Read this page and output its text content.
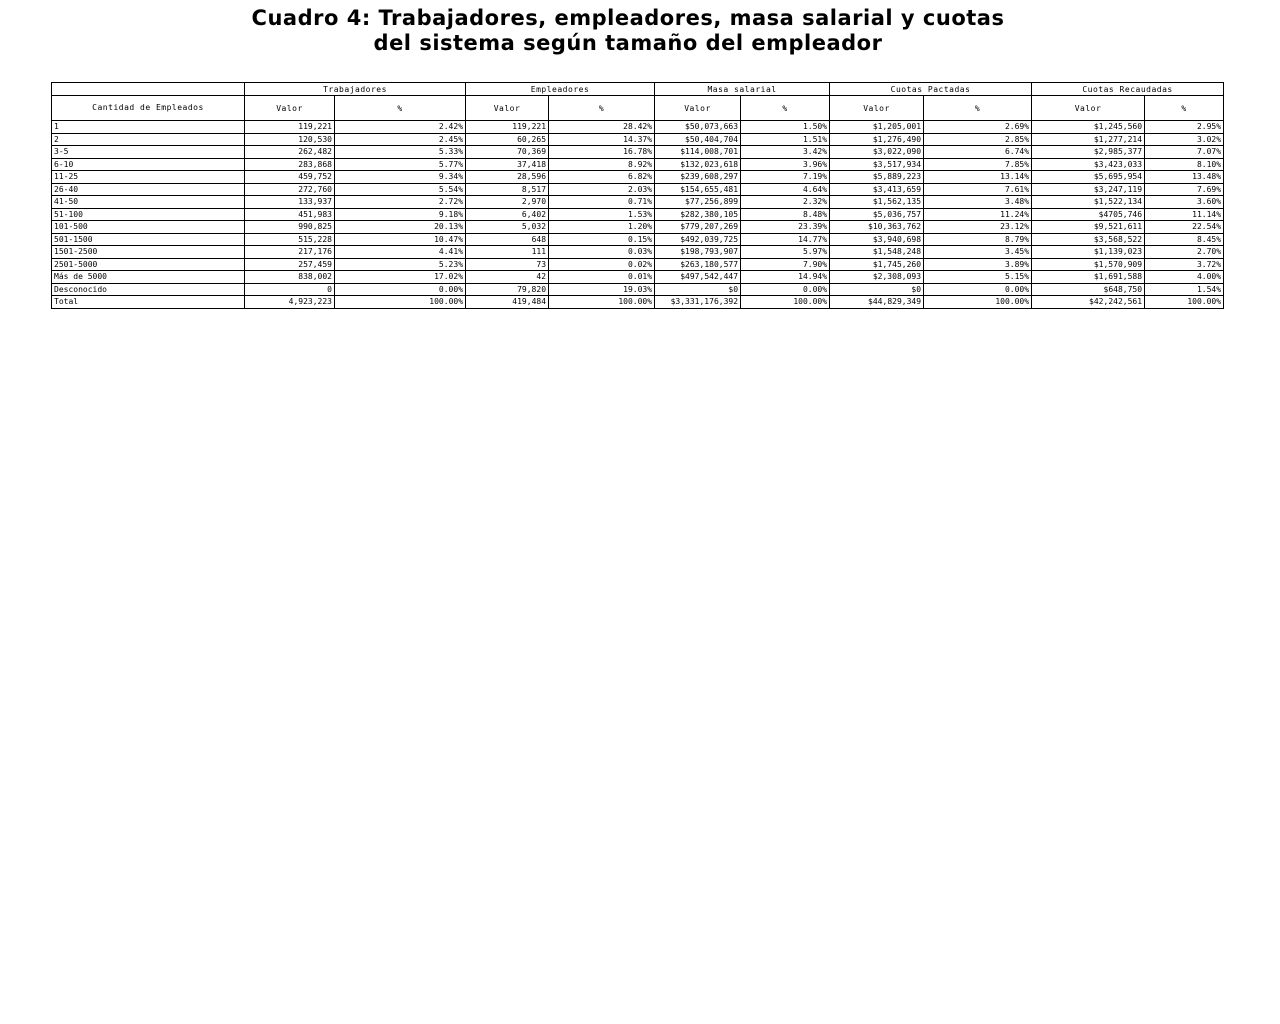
Cuadro 4: Trabajadores, empleadores, masa salarial y cuotas
del sistema según tamaño del empleador
	Trabajadores		Empleadores		Masa salarial		Cuotas Pactadas		Cuotas Recaudadas	
Cantidad de Empleados	Valor	%	Valor	%	Valor	%	Valor	%	Valor	%
1	119,221	2.42%	119,221	28.42%	$50,073,663	1.50%	$1,205,001	2.69%	$1,245,560	2.95%
2	120,530	2.45%	60,265	14.37%	$50,404,704	1.51%	$1,276,490	2.85%	$1,277,214	3.02%
3-5	262,482	5.33%	70,369	16.78%	$114,008,701	3.42%	$3,022,090	6.74%	$2,985,377	7.07%
6-10	283,868	5.77%	37,418	8.92%	$132,023,618	3.96%	$3,517,934	7.85%	$3,423,033	8.10%
11-25	459,752	9.34%	28,596	6.82%	$239,608,297	7.19%	$5,889,223	13.14%	$5,695,954	13.48%
26-40	272,760	5.54%	8,517	2.03%	$154,655,481	4.64%	$3,413,659	7.61%	$3,247,119	7.69%
41-50	133,937	2.72%	2,970	0.71%	$77,256,899	2.32%	$1,562,135	3.48%	$1,522,134	3.60%
51-100	451,983	9.18%	6,402	1.53%	$282,380,105	8.48%	$5,036,757	11.24%	$4705,746	11.14%
101-500	990,825	20.13%	5,032	1.20%	$779,207,269	23.39%	$10,363,762	23.12%	$9,521,611	22.54%
501-1500	515,228	10.47%	648	0.15%	$492,039,725	14.77%	$3,940,698	8.79%	$3,568,522	8.45%
1501-2500	217,176	4.41%	111	0.03%	$198,793,907	5.97%	$1,548,248	3.45%	$1,139,023	2.70%
2501-5000	257,459	5.23%	73	0.02%	$263,180,577	7.90%	$1,745,260	3.89%	$1,570,909	3.72%
Más de 5000	838,002	17.02%	42	0.01%	$497,542,447	14.94%	$2,308,093	5.15%	$1,691,588	4.00%
Desconocido	0	0.00%	79,820	19.03%	$0	0.00%	$0	0.00%	$648,750	1.54%
Total	4,923,223	100.00%	419,484	100.00%	$3,331,176,392	100.00%	$44,829,349	100.00%	$42,242,561	100.00%
